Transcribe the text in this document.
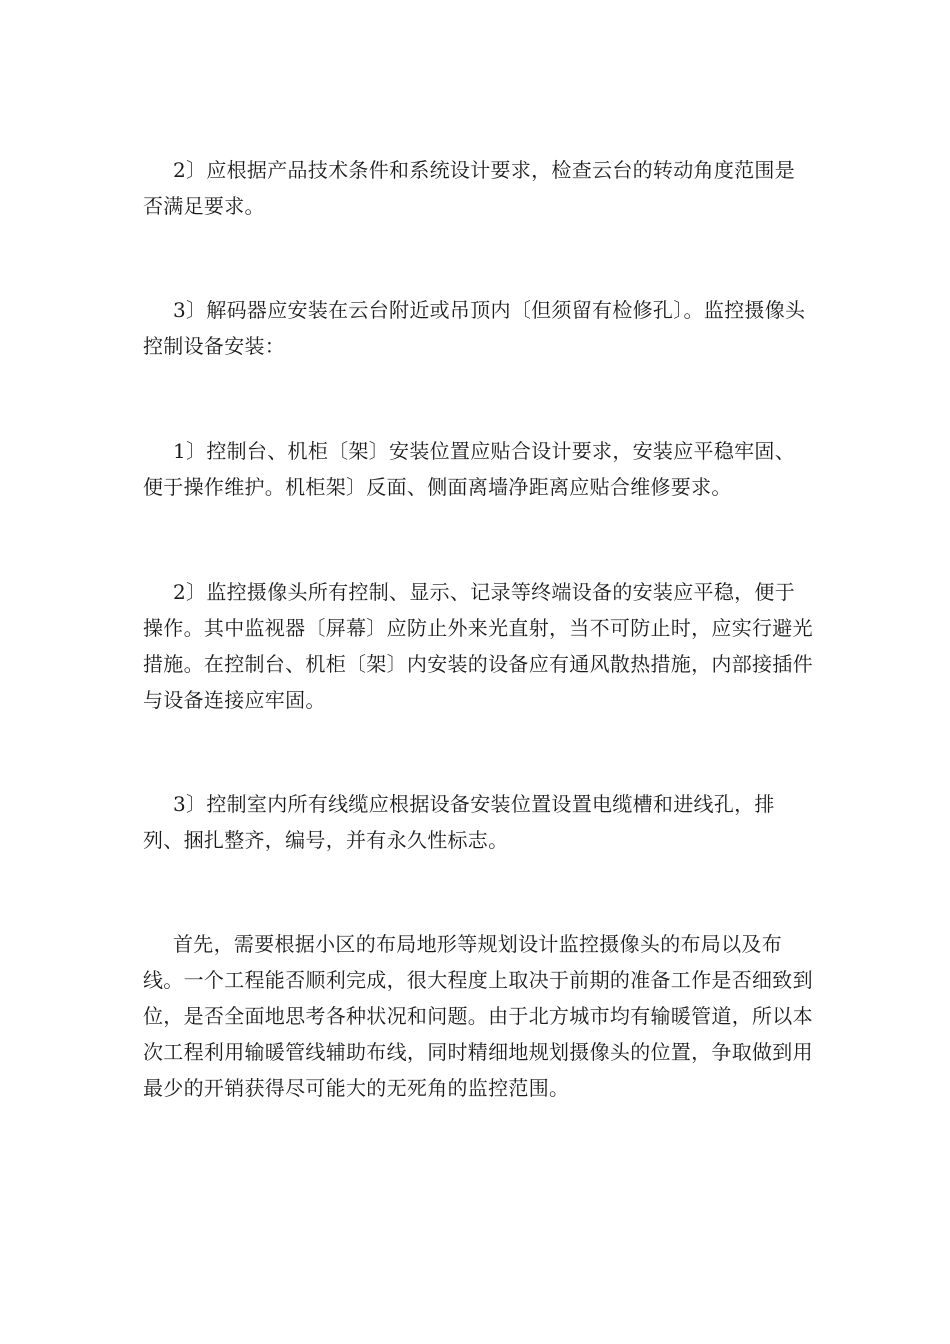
2〕应根据产品技术条件和系统设计要求，检查云台的转动角度范围是否满足要求。

3〕解码器应安装在云台附近或吊顶内〔但须留有检修孔〕。监控摄像头控制设备安装：

1〕控制台、机柜〔架〕安装位置应贴合设计要求，安装应平稳牢固、便于操作维护。机柜架〕反面、侧面离墙净距离应贴合维修要求。

2〕监控摄像头所有控制、显示、记录等终端设备的安装应平稳，便于操作。其中监视器〔屏幕〕应防止外来光直射，当不可防止时，应实行避光措施。在控制台、机柜〔架〕内安装的设备应有通风散热措施，内部接插件与设备连接应牢固。

3〕控制室内所有线缆应根据设备安装位置设置电缆槽和进线孔，排列、捆扎整齐，编号，并有永久性标志。

首先，需要根据小区的布局地形等规划设计监控摄像头的布局以及布线。一个工程能否顺利完成，很大程度上取决于前期的准备工作是否细致到位，是否全面地思考各种状况和问题。由于北方城市均有输暖管道，所以本次工程利用输暖管线辅助布线，同时精细地规划摄像头的位置，争取做到用最少的开销获得尽可能大的无死角的监控范围。
